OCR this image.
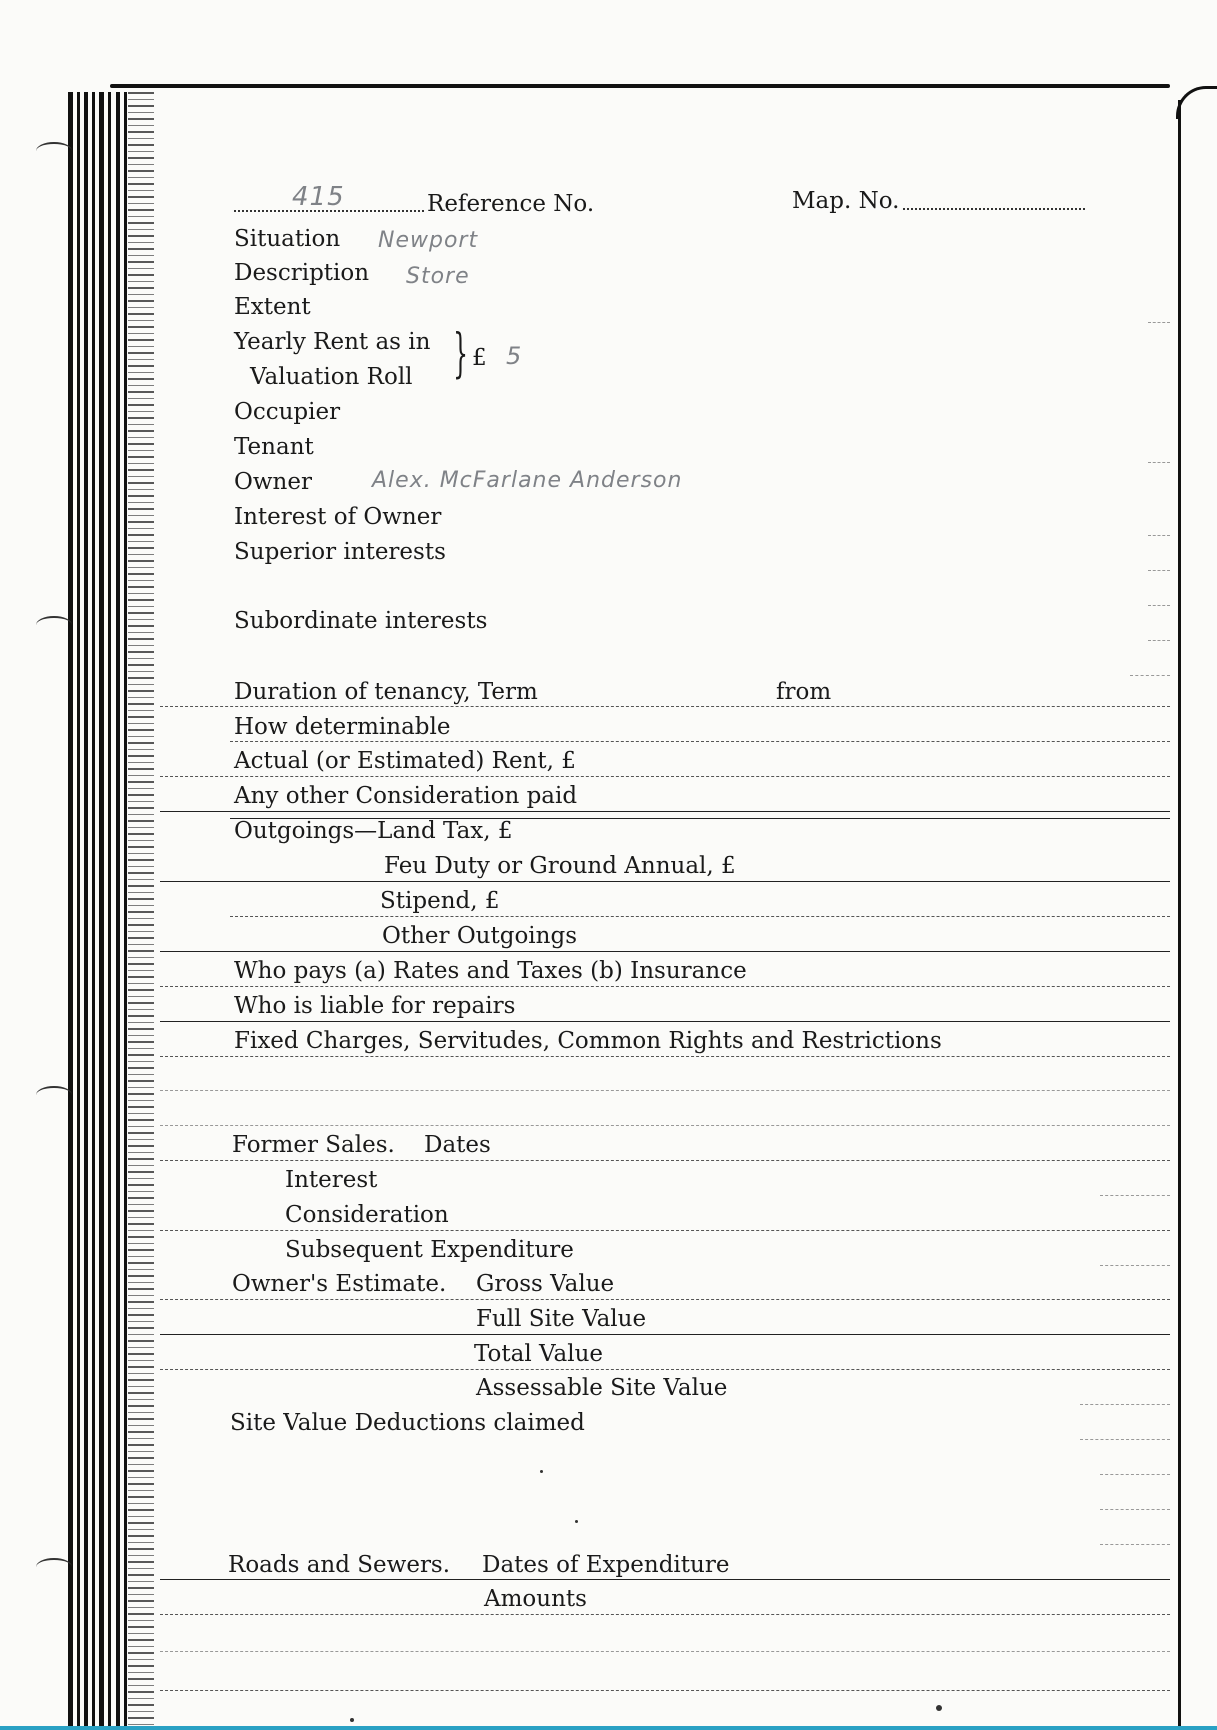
415	Reference No.	Map. No.
Situation Newport
Description Store
Extent
Yearly Rent as in
Valuation Roll } £ 5
Occupier
Tenant
Owner	Alex. McFarlane Anderson
Interest of Owner
Superior interests
Subordinate interests
Duration of tenancy, Term	from
How determinable
Actual (or Estimated) Rent, £
Any other Consideration paid
Outgoings—Land Tax, £
Feu Duty or Ground Annual, £
Stipend, £
Other Outgoings
Who pays (a) Rates and Taxes (b) Insurance
Who is liable for repairs
Fixed Charges, Servitudes, Common Rights and Restrictions
Former Sales. Dates
Interest
Consideration
Subsequent Expenditure
Owner's Estimate. Gross Value
Full Site Value
Total Value
Assessable Site Value
Site Value Deductions claimed
Roads and Sewers. Dates of Expenditure
Amounts
